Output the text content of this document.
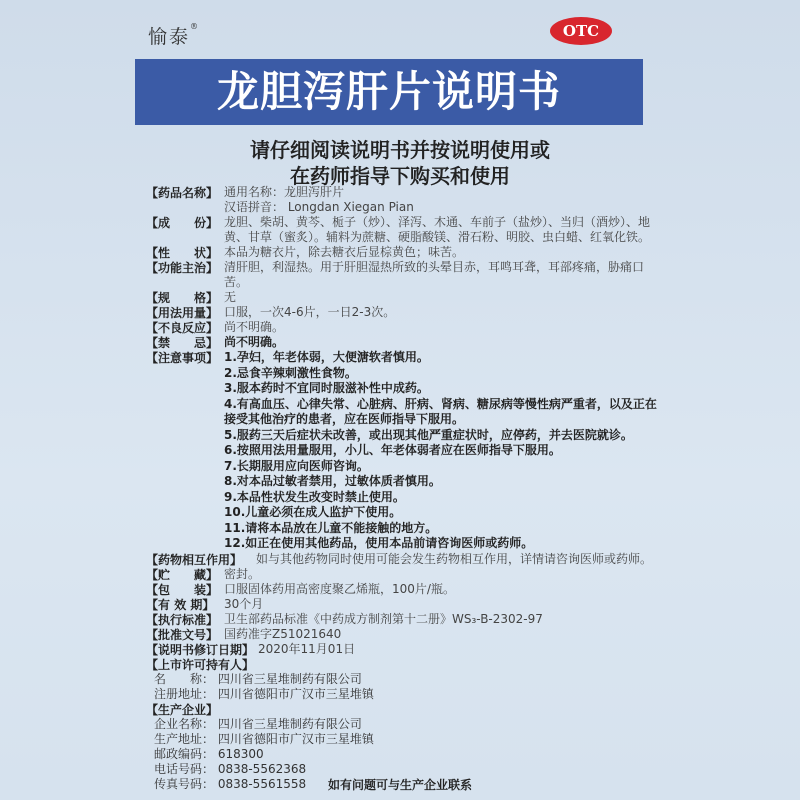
愉泰®	OTC
龙胆泻肝片说明书
请仔细阅读说明书并按说明使用或
在药师指导下购买和使用
【 药品名称 】	通用名称：龙胆泻肝片
汉语拼音： Longdan Xiegan Pian
【 成　　份 】	龙胆、柴胡、黄芩、栀子（炒）、泽泻、木通、车前子（盐炒）、当归（酒炒）、地黄、甘草（蜜炙）。辅料为蔗糖、硬脂酸镁、滑石粉、明胶、虫白蜡、红氧化铁。
【 性　　状 】	本品为糖衣片，除去糖衣后显棕黄色；味苦。
【 功能主治 】	清肝胆，利湿热。用于肝胆湿热所致的头晕目赤，耳鸣耳聋，耳部疼痛，胁痛口苦。
【 规　　格 】	无
【 用法用量 】	口服，一次4-6片，一日2-3次。
【 不良反应 】	尚不明确。
【 禁　　忌 】	尚不明确。
【 注意事项 】	1.孕妇，年老体弱，大便溏软者慎用。
2.忌食辛辣刺激性食物。
3.服本药时不宜同时服滋补性中成药。
4.有高血压、心律失常、心脏病、肝病、肾病、糖尿病等慢性病严重者，以及正在接受其他治疗的患者，应在医师指导下服用。
5.服药三天后症状未改善，或出现其他严重症状时，应停药，并去医院就诊。
6.按照用法用量服用，小儿、年老体弱者应在医师指导下服用。
7.长期服用应向医师咨询。
8.对本品过敏者禁用，过敏体质者慎用。
9.本品性状发生改变时禁止使用。
10.儿童必须在成人监护下使用。
11.请将本品放在儿童不能接触的地方。
12.如正在使用其他药品，使用本品前请咨询医师或药师。
【 药物相互作用 】	如与其他药物同时使用可能会发生药物相互作用，详情请咨询医师或药师。
【 贮　　藏 】	密封。
【 包　　装 】	口服固体药用高密度聚乙烯瓶，100片/瓶。
【 有 效 期 】	30个月
【 执行标准 】	卫生部药品标准《中药成方制剂第十二册》WS₃-B-2302-97
【 批准文号 】	国药准字Z51021640
【 说明书修订日期 】	2020年11月01日
【 上市许可持有人 】
名　　称： 四川省三星堆制药有限公司
注册地址： 四川省德阳市广汉市三星堆镇
【 生产企业 】
企业名称： 四川省三星堆制药有限公司
生产地址： 四川省德阳市广汉市三星堆镇
邮政编码： 618300
电话号码： 0838-5562368
传真号码： 0838-5561558	如有问题可与生产企业联系
